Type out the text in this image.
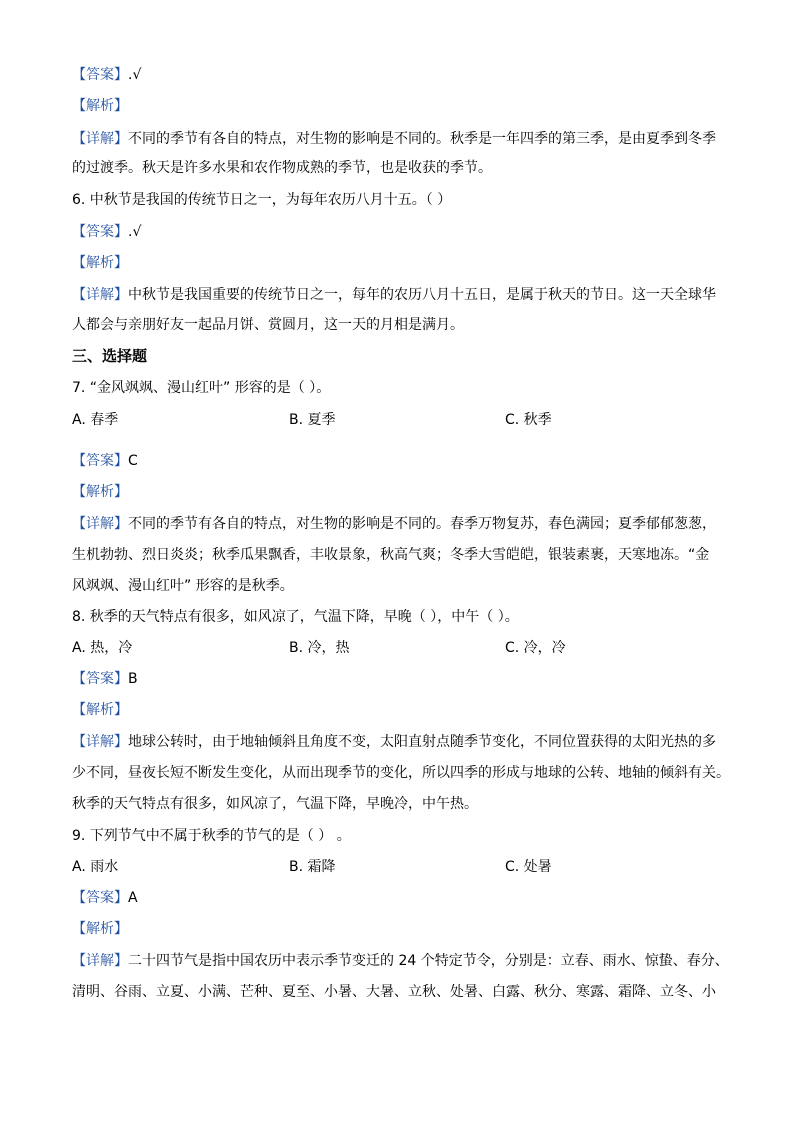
【答案】.√
【解析】
【详解】不同的季节有各自的特点，对生物的影响是不同的。秋季是一年四季的第三季，是由夏季到冬季
的过渡季。秋天是许多水果和农作物成熟的季节，也是收获的季节。
6. 中秋节是我国的传统节日之一，为每年农历八月十五。（ ）
【答案】.√
【解析】
【详解】中秋节是我国重要的传统节日之一，每年的农历八月十五日，是属于秋天的节日。这一天全球华
人都会与亲朋好友一起品月饼、赏圆月，这一天的月相是满月。
三、选择题
7. “金风飒飒、漫山红叶” 形容的是（ ）。
A. 春季	B. 夏季	C. 秋季
【答案】C
【解析】
【详解】不同的季节有各自的特点，对生物的影响是不同的。春季万物复苏，春色满园；夏季郁郁葱葱，
生机勃勃、烈日炎炎；秋季瓜果飘香，丰收景象，秋高气爽；冬季大雪皑皑，银装素裹，天寒地冻。“金
风飒飒、漫山红叶” 形容的是秋季。
8. 秋季的天气特点有很多，如风凉了，气温下降，早晚（ ），中午（ ）。
A. 热，冷	B. 冷，热	C. 冷，冷
【答案】B
【解析】
【详解】地球公转时，由于地轴倾斜且角度不变，太阳直射点随季节变化，不同位置获得的太阳光热的多
少不同，昼夜长短不断发生变化，从而出现季节的变化，所以四季的形成与地球的公转、地轴的倾斜有关。
秋季的天气特点有很多，如风凉了，气温下降，早晚冷，中午热。
9. 下列节气中不属于秋季的节气的是（ ） 。
A. 雨水	B. 霜降	C. 处暑
【答案】A
【解析】
【详解】二十四节气是指中国农历中表示季节变迁的 24 个特定节令，分别是：立春、雨水、惊蛰、春分、
清明、谷雨、立夏、小满、芒种、夏至、小暑、大暑、立秋、处暑、白露、秋分、寒露、霜降、立冬、小
